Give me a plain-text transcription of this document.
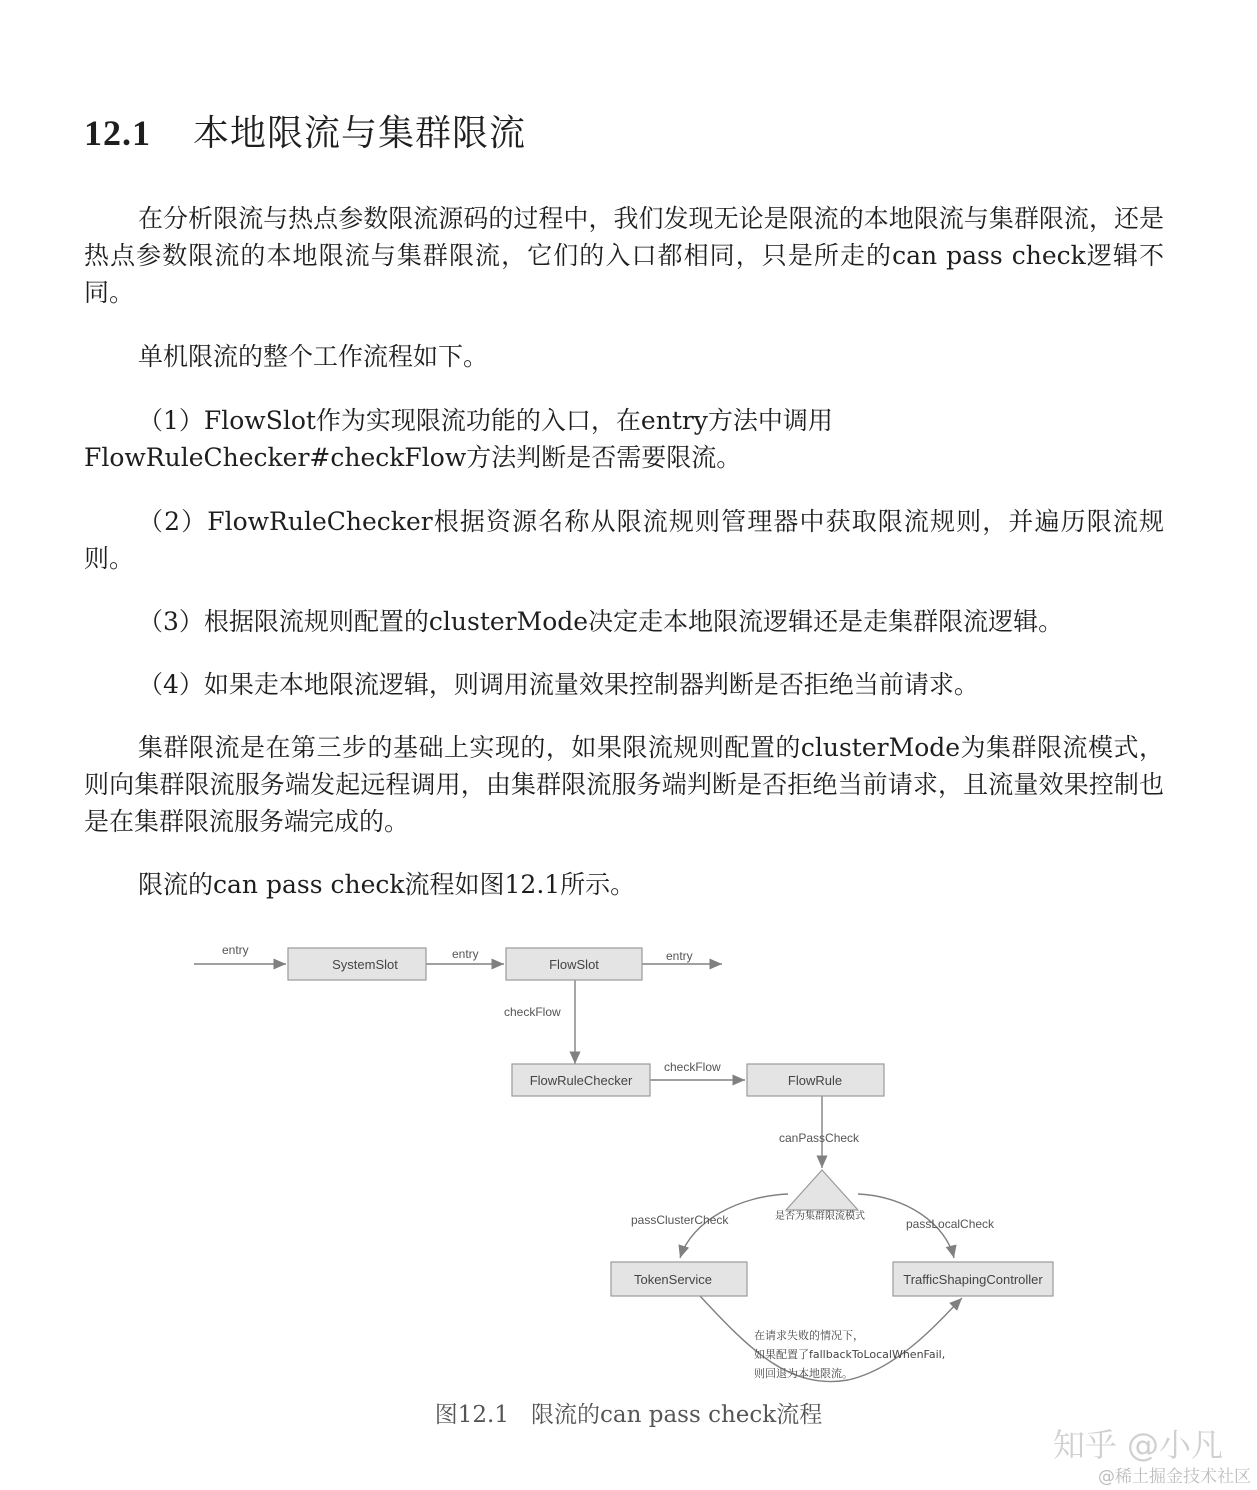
12.1 本地限流与集群限流

在分析限流与热点参数限流源码的过程中，我们发现无论是限流的本地限流与集群限流，还是热点参数限流的本地限流与集群限流，它们的入口都相同，只是所走的can pass check逻辑不同。

单机限流的整个工作流程如下。

（1）FlowSlot作为实现限流功能的入口，在entry方法中调用

FlowRuleChecker#checkFlow方法判断是否需要限流。

（2）FlowRuleChecker根据资源名称从限流规则管理器中获取限流规则，并遍历限流规则。

（3）根据限流规则配置的clusterMode决定走本地限流逻辑还是走集群限流逻辑。

（4）如果走本地限流逻辑，则调用流量效果控制器判断是否拒绝当前请求。

集群限流是在第三步的基础上实现的，如果限流规则配置的clusterMode为集群限流模式，则向集群限流服务端发起远程调用，由集群限流服务端判断是否拒绝当前请求，且流量效果控制也是在集群限流服务端完成的。

限流的can pass check流程如图12.1所示。

SystemSlot	FlowSlot
FlowRuleChecker	FlowRule
TokenService	TrafficShapingController
entry	entry	entry
checkFlow
checkFlow
canPassCheck
passClusterCheck	passLocalCheck
是否为集群限流模式
在请求失败的情况下，
如果配置了fallbackToLocalWhenFail,
则回退为本地限流。
图12.1 限流的can pass check流程
知乎 @小凡
@稀土掘金技术社区
